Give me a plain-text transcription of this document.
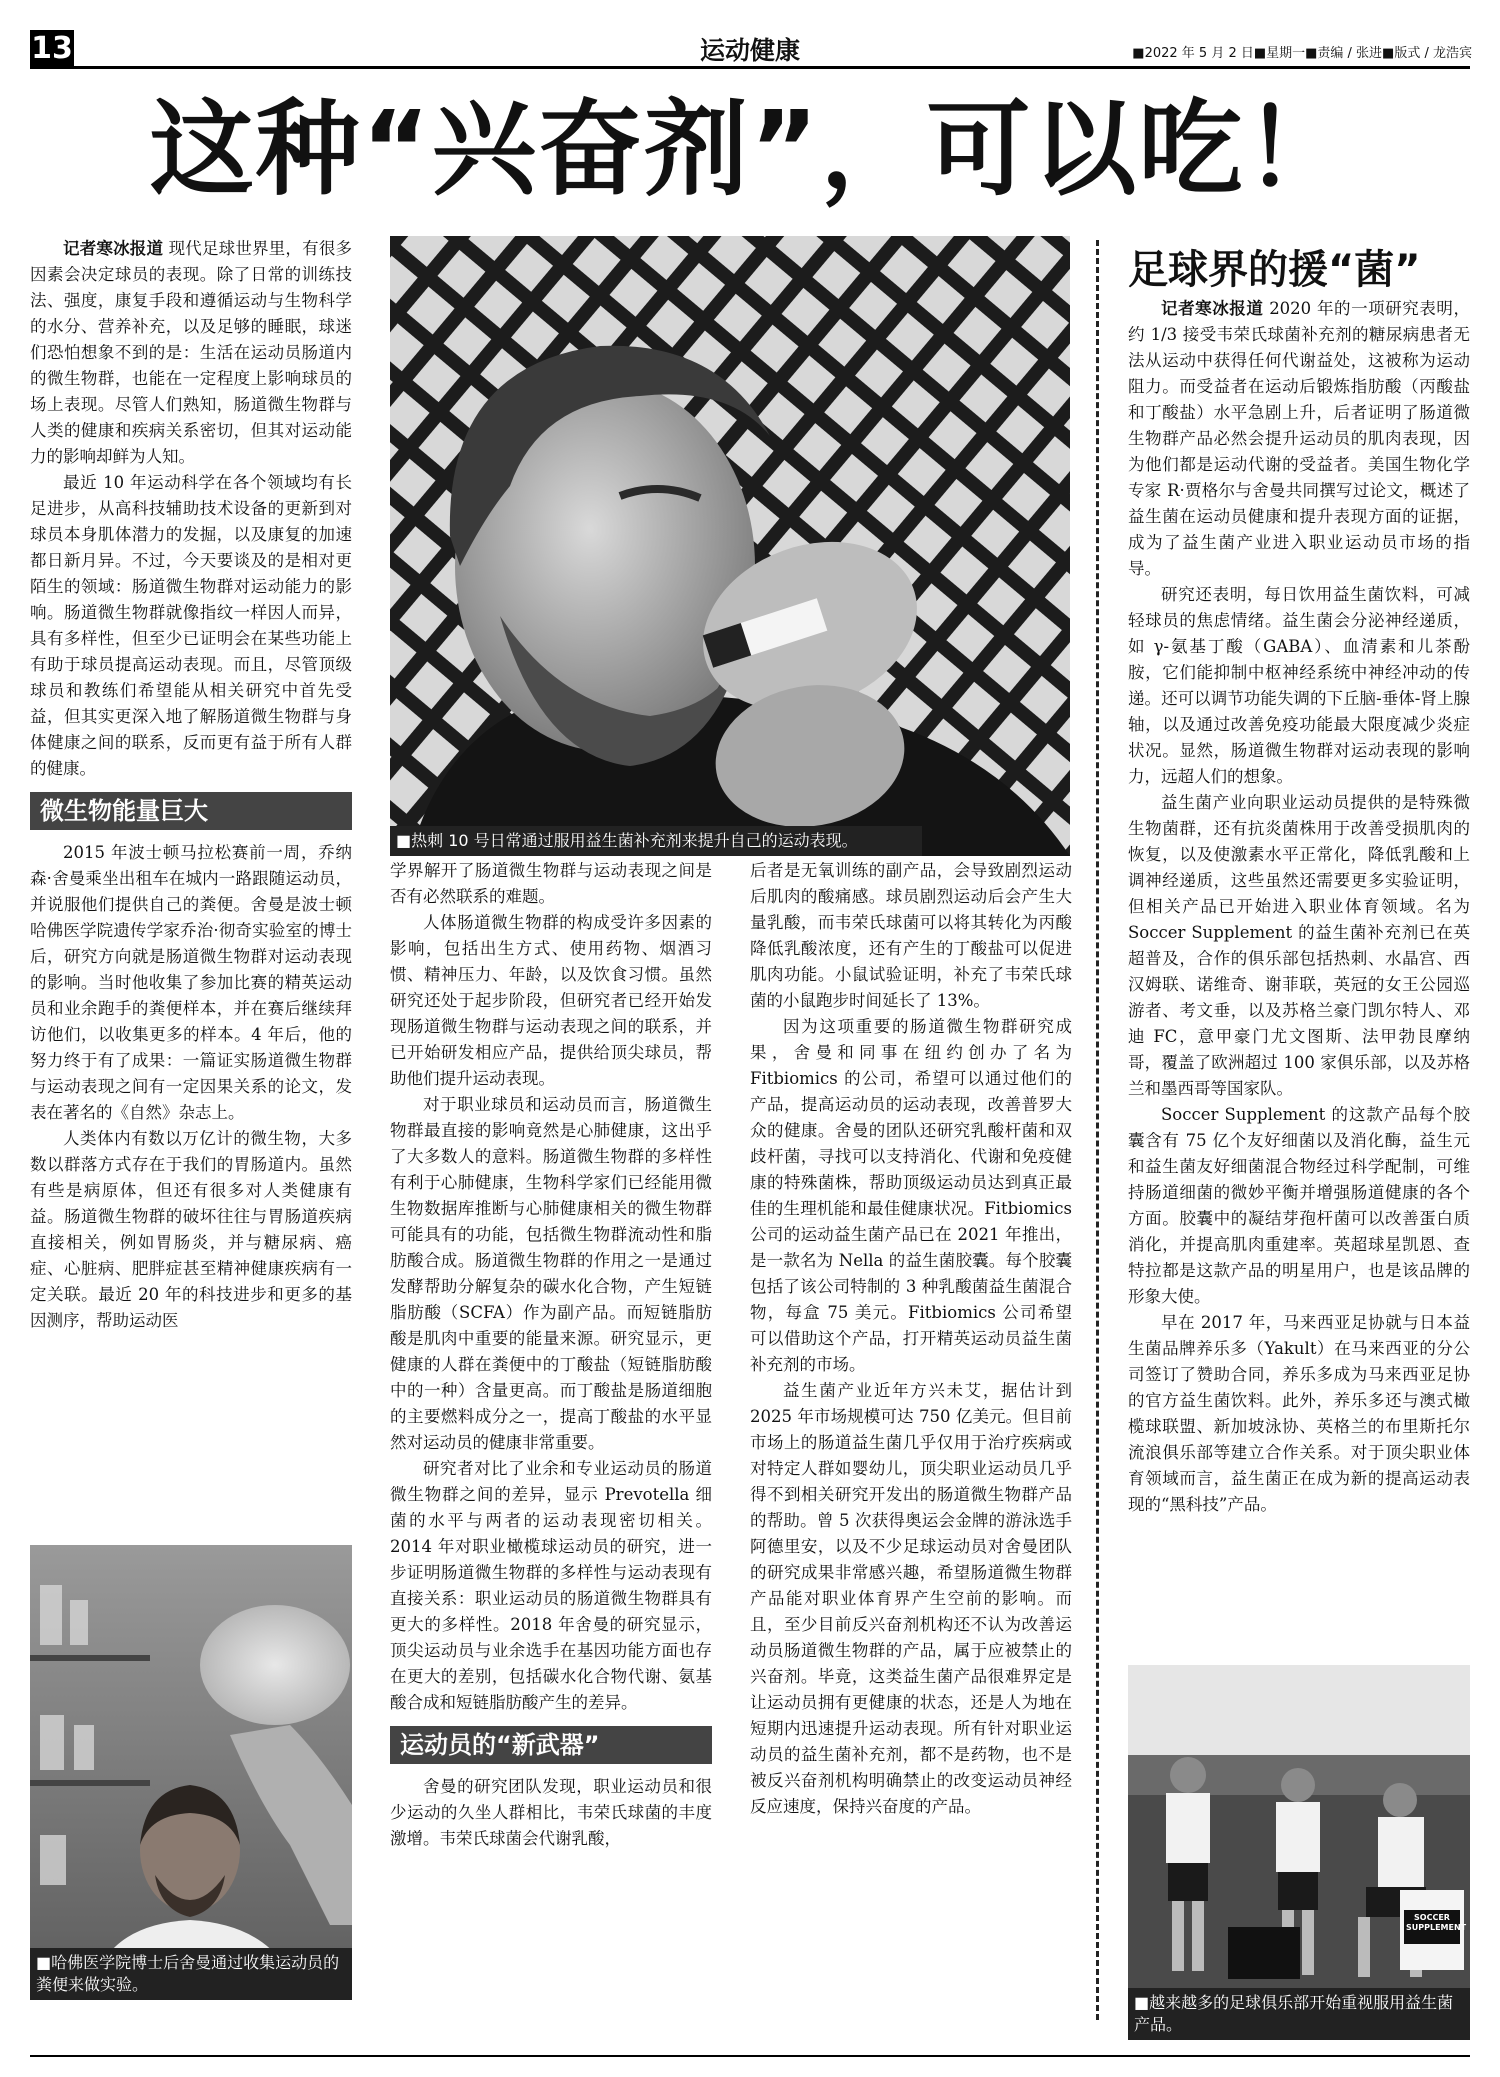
13	运动健康	■2022 年 5 月 2 日■星期一■责编 / 张进■版式 / 龙浩宾
这种“兴奋剂”，可以吃！

记者寒冰报道 现代足球世界里，有很多因素会决定球员的表现。除了日常的训练技法、强度，康复手段和遵循运动与生物科学的水分、营养补充，以及足够的睡眠，球迷们恐怕想象不到的是：生活在运动员肠道内的微生物群，也能在一定程度上影响球员的场上表现。尽管人们熟知，肠道微生物群与人类的健康和疾病关系密切，但其对运动能力的影响却鲜为人知。

最近 10 年运动科学在各个领域均有长足进步，从高科技辅助技术设备的更新到对球员本身肌体潜力的发掘，以及康复的加速都日新月异。不过，今天要谈及的是相对更陌生的领域：肠道微生物群对运动能力的影响。肠道微生物群就像指纹一样因人而异，具有多样性，但至少已证明会在某些功能上有助于球员提高运动表现。而且，尽管顶级球员和教练们希望能从相关研究中首先受益，但其实更深入地了解肠道微生物群与身体健康之间的联系，反而更有益于所有人群的健康。

微生物能量巨大

2015 年波士顿马拉松赛前一周，乔纳森·舍曼乘坐出租车在城内一路跟随运动员，并说服他们提供自己的粪便。舍曼是波士顿哈佛医学院遗传学家乔治·彻奇实验室的博士后，研究方向就是肠道微生物群对运动表现的影响。当时他收集了参加比赛的精英运动员和业余跑手的粪便样本，并在赛后继续拜访他们，以收集更多的样本。4 年后，他的努力终于有了成果：一篇证实肠道微生物群与运动表现之间有一定因果关系的论文，发表在著名的《自然》杂志上。

人类体内有数以万亿计的微生物，大多数以群落方式存在于我们的胃肠道内。虽然有些是病原体，但还有很多对人类健康有益。肠道微生物群的破坏往往与胃肠道疾病直接相关，例如胃肠炎，并与糖尿病、癌症、心脏病、肥胖症甚至精神健康疾病有一定关联。最近 20 年的科技进步和更多的基因测序，帮助运动医

■哈佛医学院博士后舍曼通过收集运动员的粪便来做实验。
■热刺 10 号日常通过服用益生菌补充剂来提升自己的运动表现。

学界解开了肠道微生物群与运动表现之间是否有必然联系的难题。

人体肠道微生物群的构成受许多因素的影响，包括出生方式、使用药物、烟酒习惯、精神压力、年龄，以及饮食习惯。虽然研究还处于起步阶段，但研究者已经开始发现肠道微生物群与运动表现之间的联系，并已开始研发相应产品，提供给顶尖球员，帮助他们提升运动表现。

对于职业球员和运动员而言，肠道微生物群最直接的影响竟然是心肺健康，这出乎了大多数人的意料。肠道微生物群的多样性有利于心肺健康，生物科学家们已经能用微生物数据库推断与心肺健康相关的微生物群可能具有的功能，包括微生物群流动性和脂肪酸合成。肠道微生物群的作用之一是通过发酵帮助分解复杂的碳水化合物，产生短链脂肪酸（SCFA）作为副产品。而短链脂肪酸是肌肉中重要的能量来源。研究显示，更健康的人群在粪便中的丁酸盐（短链脂肪酸中的一种）含量更高。而丁酸盐是肠道细胞的主要燃料成分之一，提高丁酸盐的水平显然对运动员的健康非常重要。

研究者对比了业余和专业运动员的肠道微生物群之间的差异，显示 Prevotella 细菌的水平与两者的运动表现密切相关。2014 年对职业橄榄球运动员的研究，进一步证明肠道微生物群的多样性与运动表现有直接关系：职业运动员的肠道微生物群具有更大的多样性。2018 年舍曼的研究显示，顶尖运动员与业余选手在基因功能方面也存在更大的差别，包括碳水化合物代谢、氨基酸合成和短链脂肪酸产生的差异。

运动员的“新武器”

舍曼的研究团队发现，职业运动员和很少运动的久坐人群相比，韦荣氏球菌的丰度激增。韦荣氏球菌会代谢乳酸，

后者是无氧训练的副产品，会导致剧烈运动后肌肉的酸痛感。球员剧烈运动后会产生大量乳酸，而韦荣氏球菌可以将其转化为丙酸降低乳酸浓度，还有产生的丁酸盐可以促进肌肉功能。小鼠试验证明，补充了韦荣氏球菌的小鼠跑步时间延长了 13%。

因为这项重要的肠道微生物群研究成果，舍曼和同事在纽约创办了名为 Fitbiomics 的公司，希望可以通过他们的产品，提高运动员的运动表现，改善普罗大众的健康。舍曼的团队还研究乳酸杆菌和双歧杆菌，寻找可以支持消化、代谢和免疫健康的特殊菌株，帮助顶级运动员达到真正最佳的生理机能和最佳健康状况。Fitbiomics 公司的运动益生菌产品已在 2021 年推出，是一款名为 Nella 的益生菌胶囊。每个胶囊包括了该公司特制的 3 种乳酸菌益生菌混合物，每盒 75 美元。Fitbiomics 公司希望可以借助这个产品，打开精英运动员益生菌补充剂的市场。

益生菌产业近年方兴未艾，据估计到 2025 年市场规模可达 750 亿美元。但目前市场上的肠道益生菌几乎仅用于治疗疾病或对特定人群如婴幼儿，顶尖职业运动员几乎得不到相关研究开发出的肠道微生物群产品的帮助。曾 5 次获得奥运会金牌的游泳选手阿德里安，以及不少足球运动员对舍曼团队的研究成果非常感兴趣，希望肠道微生物群产品能对职业体育界产生空前的影响。而且，至少目前反兴奋剂机构还不认为改善运动员肠道微生物群的产品，属于应被禁止的兴奋剂。毕竟，这类益生菌产品很难界定是让运动员拥有更健康的状态，还是人为地在短期内迅速提升运动表现。所有针对职业运动员的益生菌补充剂，都不是药物，也不是被反兴奋剂机构明确禁止的改变运动员神经反应速度，保持兴奋度的产品。

足球界的援“菌”

记者寒冰报道 2020 年的一项研究表明，约 1/3 接受韦荣氏球菌补充剂的糖尿病患者无法从运动中获得任何代谢益处，这被称为运动阻力。而受益者在运动后锻炼指肪酸（丙酸盐和丁酸盐）水平急剧上升，后者证明了肠道微生物群产品必然会提升运动员的肌肉表现，因为他们都是运动代谢的受益者。美国生物化学专家 R·贾格尔与舍曼共同撰写过论文，概述了益生菌在运动员健康和提升表现方面的证据，成为了益生菌产业进入职业运动员市场的指导。

研究还表明，每日饮用益生菌饮料，可减轻球员的焦虑情绪。益生菌会分泌神经递质，如 γ-氨基丁酸（GABA）、血清素和儿茶酚胺，它们能抑制中枢神经系统中神经冲动的传递。还可以调节功能失调的下丘脑-垂体-肾上腺轴，以及通过改善免疫功能最大限度减少炎症状况。显然，肠道微生物群对运动表现的影响力，远超人们的想象。

益生菌产业向职业运动员提供的是特殊微生物菌群，还有抗炎菌株用于改善受损肌肉的恢复，以及使激素水平正常化，降低乳酸和上调神经递质，这些虽然还需要更多实验证明，但相关产品已开始进入职业体育领域。名为 Soccer Supplement 的益生菌补充剂已在英超普及，合作的俱乐部包括热刺、水晶宫、西汉姆联、诺维奇、谢菲联，英冠的女王公园巡游者、考文垂，以及苏格兰豪门凯尔特人、邓迪 FC，意甲豪门尤文图斯、法甲勃艮摩纳哥，覆盖了欧洲超过 100 家俱乐部，以及苏格兰和墨西哥等国家队。

Soccer Supplement 的这款产品每个胶囊含有 75 亿个友好细菌以及消化酶，益生元和益生菌友好细菌混合物经过科学配制，可维持肠道细菌的微妙平衡并增强肠道健康的各个方面。胶囊中的凝结芽孢杆菌可以改善蛋白质消化，并提高肌肉重建率。英超球星凯恩、查特拉都是这款产品的明星用户，也是该品牌的形象大使。

早在 2017 年，马来西亚足协就与日本益生菌品牌养乐多（Yakult）在马来西亚的分公司签订了赞助合同，养乐多成为马来西亚足协的官方益生菌饮料。此外，养乐多还与澳式橄榄球联盟、新加坡泳协、英格兰的布里斯托尔流浪俱乐部等建立合作关系。对于顶尖职业体育领域而言，益生菌正在成为新的提高运动表现的“黑科技”产品。

SOCCER SUPPLEMENT
■越来越多的足球俱乐部开始重视服用益生菌产品。
